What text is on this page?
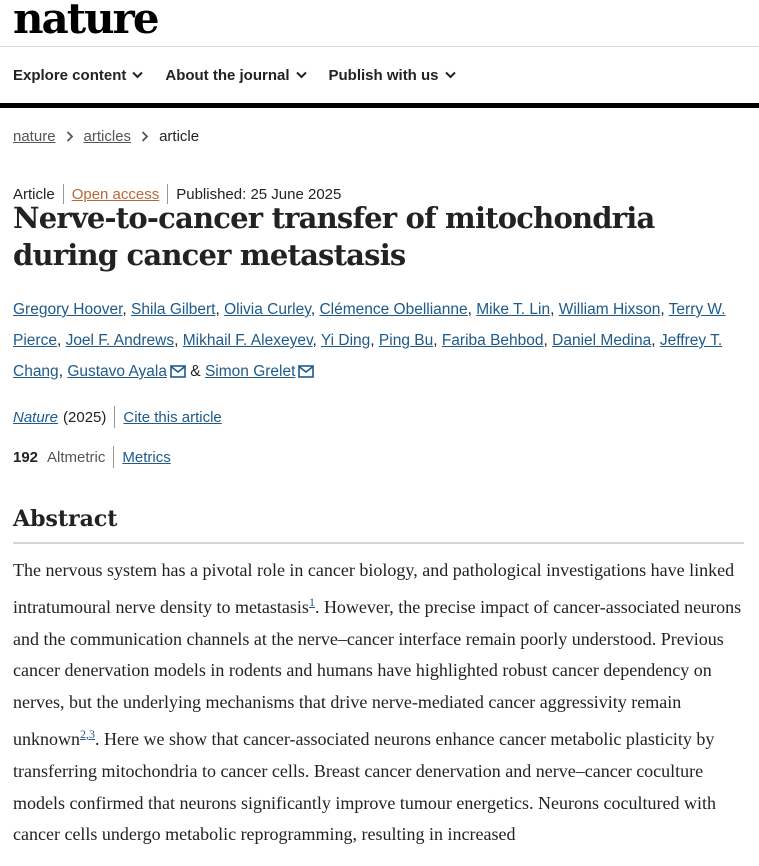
nature
Explore content	About the journal	Publish with us
nature articles article
Article Open access Published: 25 June 2025
Nerve-to-cancer transfer of mitochondria during cancer metastasis
Gregory Hoover, Shila Gilbert, Olivia Curley, Clémence Obellianne, Mike T. Lin, William Hixson, Terry W. Pierce, Joel F. Andrews, Mikhail F. Alexeyev, Yi Ding, Ping Bu, Fariba Behbod, Daniel Medina, Jeffrey T. Chang, Gustavo Ayala & Simon Grelet
Nature (2025) Cite this article
192 Altmetric Metrics
Abstract
The nervous system has a pivotal role in cancer biology, and pathological investigations have linked intratumoural nerve density to metastasis$^1$. However, the precise impact of cancer-associated neurons and the communication channels at the nerve–cancer interface remain poorly understood. Previous cancer denervation models in rodents and humans have highlighted robust cancer dependency on nerves, but the underlying mechanisms that drive nerve-mediated cancer aggressivity remain unknown$^{2,3}$. Here we show that cancer-associated neurons enhance cancer metabolic plasticity by transferring mitochondria to cancer cells. Breast cancer denervation and nerve–cancer coculture models confirmed that neurons significantly improve tumour energetics. Neurons cocultured with cancer cells undergo metabolic reprogramming, resulting in increased
